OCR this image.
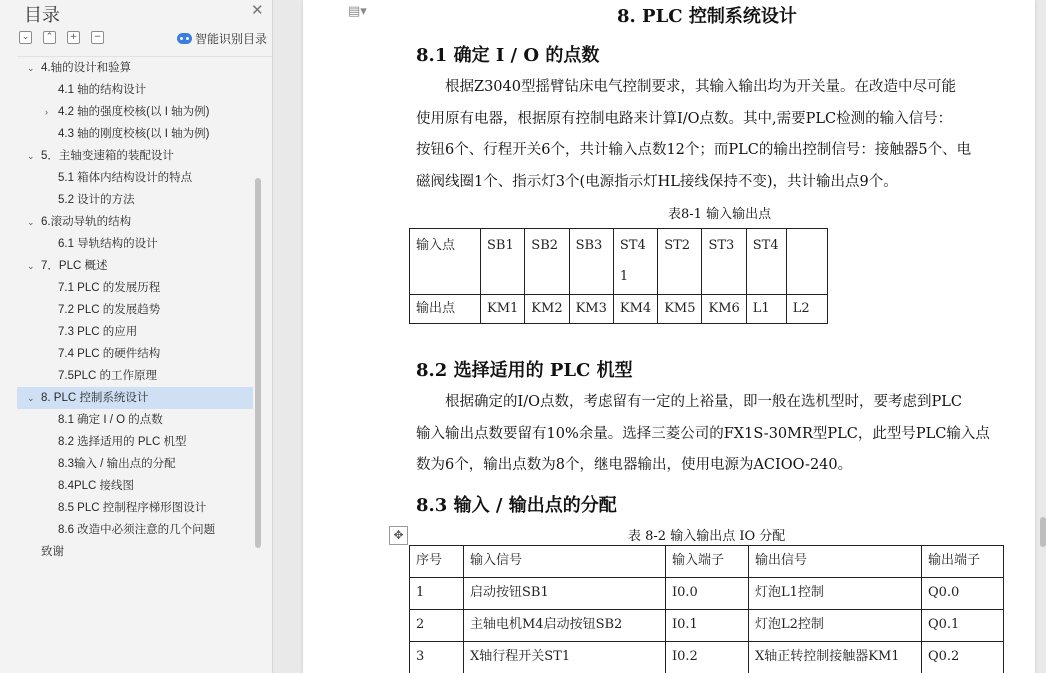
目录	✕
⌄	⌃	+	−	智能识别目录
⌄ 4.轴的设计和验算
4.1 轴的结构设计
› 4.2 轴的强度校核(以 I 轴为例)
4.3 轴的刚度校核(以 I 轴为例)
⌄ 5．主轴变速箱的装配设计
5.1 箱体内结构设计的特点
5.2 设计的方法
⌄ 6.滚动导轨的结构
6.1 导轨结构的设计
⌄ 7．PLC 概述
7.1 PLC 的发展历程
7.2 PLC 的发展趋势
7.3 PLC 的应用
7.4 PLC 的硬件结构
7.5PLC 的工作原理
⌄ 8. PLC 控制系统设计
8.1 确定 I / O 的点数
8.2 选择适用的 PLC 机型
8.3输入 / 输出点的分配
8.4PLC 接线图
8.5 PLC 控制程序梯形图设计
8.6 改造中必须注意的几个问题
致谢
▤▾	8. PLC 控制系统设计
8.1 确定 I / O 的点数

根据Z3040型摇臂钻床电气控制要求，其输入输出均为开关量。在改造中尽可能

使用原有电器，根据原有控制电路来计算I/O点数。其中,需要PLC检测的输入信号：

按钮6个、行程开关6个，共计输入点数12个；而PLC的输出控制信号：接触器5个、电

磁阀线圈1个、指示灯3个(电源指示灯HL接线保持不变)，共计输出点9个。

表8-1 输入输出点
输入点	SB1	SB2	SB3	ST4 1	ST2	ST3	ST4	
输出点	KM1	KM2	KM3	KM4	KM5	KM6	L1	L2
8.2 选择适用的 PLC 机型

根据确定的I/O点数，考虑留有一定的上裕量，即一般在选机型时，要考虑到PLC

输入输出点数要留有10%余量。选择三菱公司的FX1S-30MR型PLC，此型号PLC输入点

数为6个，输出点数为8个，继电器输出，使用电源为ACIOO-240。

8.3 输入 / 输出点的分配
✥	表 8-2 输入输出点 IO 分配
序号	输入信号	输入端子	输出信号	输出端子
1	启动按钮SB1	I0.0	灯泡L1控制	Q0.0
2	主轴电机M4启动按钮SB2	I0.1	灯泡L2控制	Q0.1
3	X轴行程开关ST1	I0.2	X轴正转控制接触器KM1	Q0.2
